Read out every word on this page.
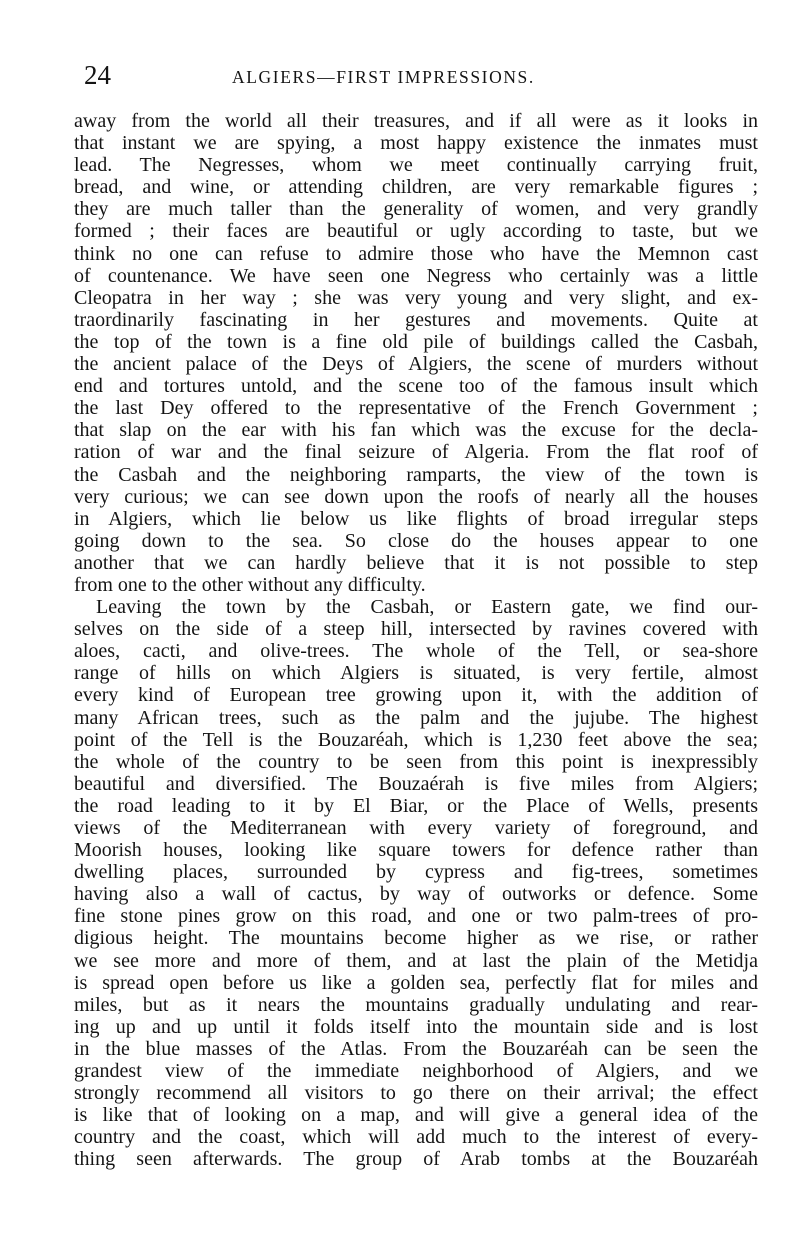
24	ALGIERS—FIRST IMPRESSIONS.
away from the world all their treasures, and if all were as it looks in
that instant we are spying, a most happy existence the inmates must
lead. The Negresses, whom we meet continually carrying fruit,
bread, and wine, or attending children, are very remarkable figures ;
they are much taller than the generality of women, and very grandly
formed ; their faces are beautiful or ugly according to taste, but we
think no one can refuse to admire those who have the Memnon cast
of countenance. We have seen one Negress who certainly was a little
Cleopatra in her way ; she was very young and very slight, and ex-
traordinarily fascinating in her gestures and movements. Quite at
the top of the town is a fine old pile of buildings called the Casbah,
the ancient palace of the Deys of Algiers, the scene of murders without
end and tortures untold, and the scene too of the famous insult which
the last Dey offered to the representative of the French Government ;
that slap on the ear with his fan which was the excuse for the decla-
ration of war and the final seizure of Algeria. From the flat roof of
the Casbah and the neighboring ramparts, the view of the town is
very curious; we can see down upon the roofs of nearly all the houses
in Algiers, which lie below us like flights of broad irregular steps
going down to the sea. So close do the houses appear to one
another that we can hardly believe that it is not possible to step
from one to the other without any difficulty.
Leaving the town by the Casbah, or Eastern gate, we find our-
selves on the side of a steep hill, intersected by ravines covered with
aloes, cacti, and olive-trees. The whole of the Tell, or sea-shore
range of hills on which Algiers is situated, is very fertile, almost
every kind of European tree growing upon it, with the addition of
many African trees, such as the palm and the jujube. The highest
point of the Tell is the Bouzaréah, which is 1,230 feet above the sea;
the whole of the country to be seen from this point is inexpressibly
beautiful and diversified. The Bouzaérah is five miles from Algiers;
the road leading to it by El Biar, or the Place of Wells, presents
views of the Mediterranean with every variety of foreground, and
Moorish houses, looking like square towers for defence rather than
dwelling places, surrounded by cypress and fig-trees, sometimes
having also a wall of cactus, by way of outworks or defence. Some
fine stone pines grow on this road, and one or two palm-trees of pro-
digious height. The mountains become higher as we rise, or rather
we see more and more of them, and at last the plain of the Metidja
is spread open before us like a golden sea, perfectly flat for miles and
miles, but as it nears the mountains gradually undulating and rear-
ing up and up until it folds itself into the mountain side and is lost
in the blue masses of the Atlas. From the Bouzaréah can be seen the
grandest view of the immediate neighborhood of Algiers, and we
strongly recommend all visitors to go there on their arrival; the effect
is like that of looking on a map, and will give a general idea of the
country and the coast, which will add much to the interest of every-
thing seen afterwards. The group of Arab tombs at the Bouzaréah
